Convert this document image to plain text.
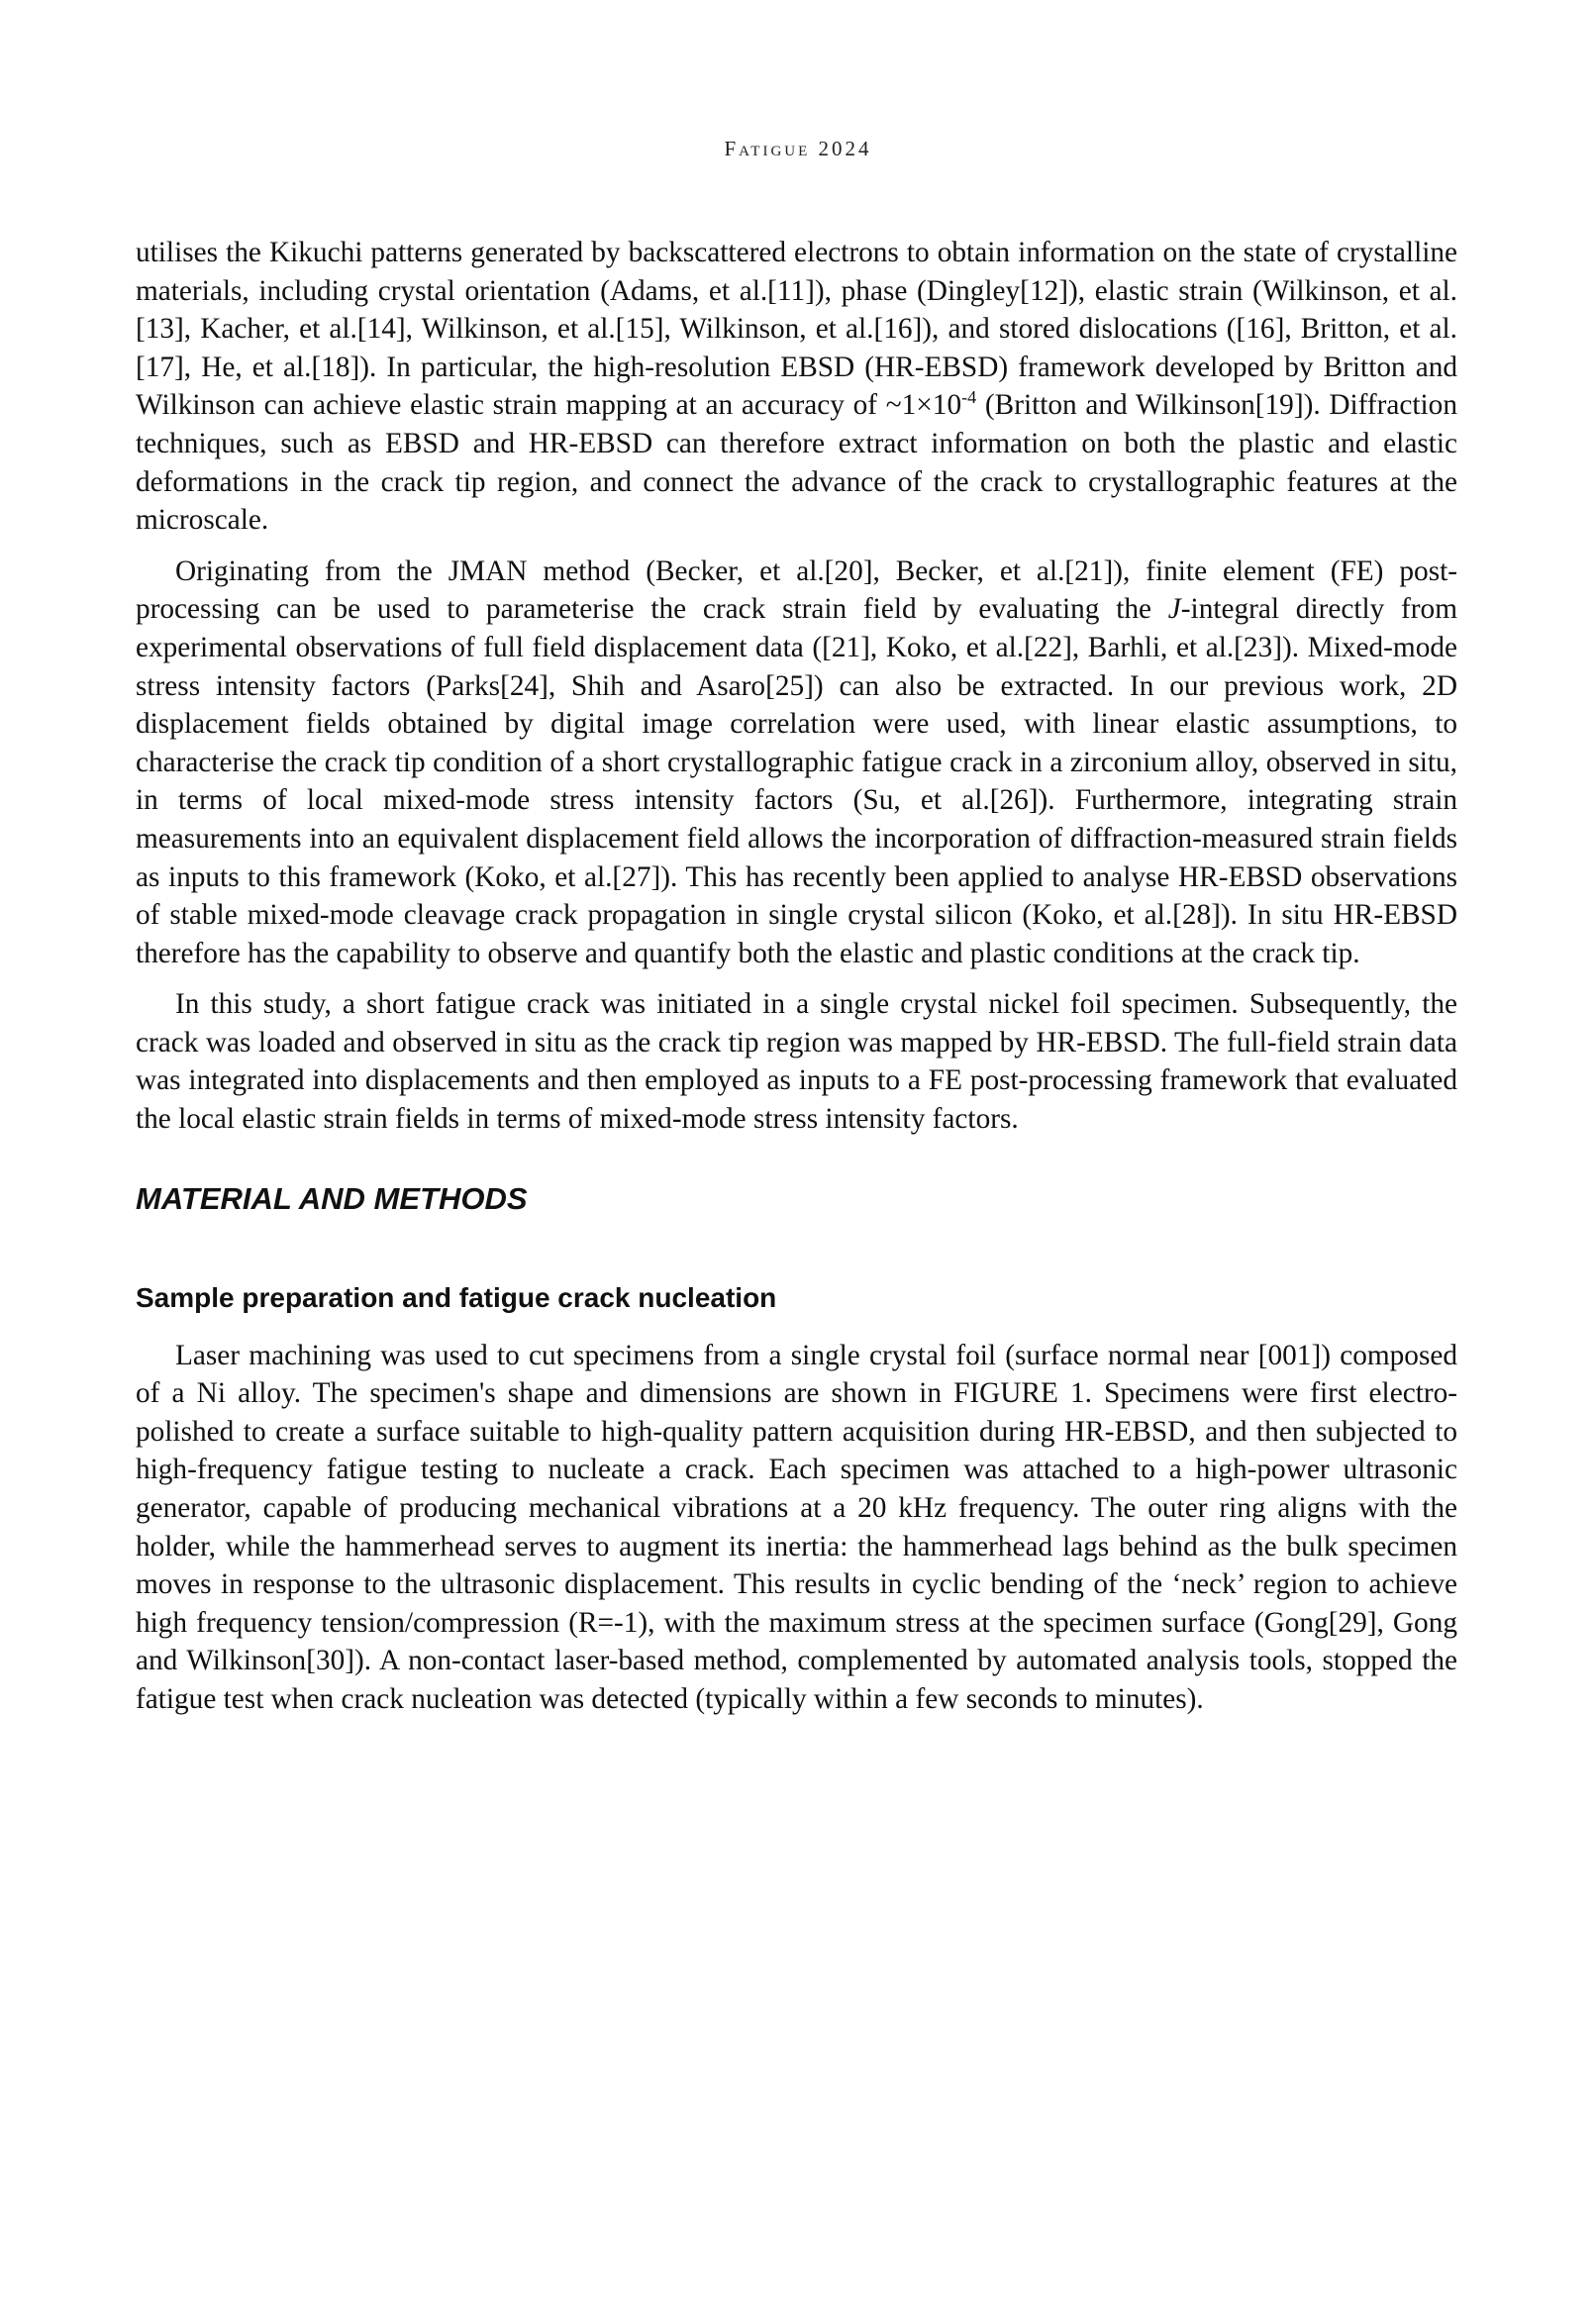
Fatigue 2024

utilises the Kikuchi patterns generated by backscattered electrons to obtain information on the state of crystalline materials, including crystal orientation (Adams, et al.[11]), phase (Dingley[12]), elastic strain (Wilkinson, et al.[13], Kacher, et al.[14], Wilkinson, et al.[15], Wilkinson, et al.[16]), and stored dislocations ([16], Britton, et al.[17], He, et al.[18]). In particular, the high-resolution EBSD (HR-EBSD) framework developed by Britton and Wilkinson can achieve elastic strain mapping at an accuracy of $\sim 1\times 10^{-4}$ (Britton and Wilkinson[19]). Diffraction techniques, such as EBSD and HR-EBSD can therefore extract information on both the plastic and elastic deformations in the crack tip region, and connect the advance of the crack to crystallographic features at the microscale.

Originating from the JMAN method (Becker, et al.[20], Becker, et al.[21]), finite element (FE) post-processing can be used to parameterise the crack strain field by evaluating the J-integral directly from experimental observations of full field displacement data ([21], Koko, et al.[22], Barhli, et al.[23]). Mixed-mode stress intensity factors (Parks[24], Shih and Asaro[25]) can also be extracted. In our previous work, 2D displacement fields obtained by digital image correlation were used, with linear elastic assumptions, to characterise the crack tip condition of a short crystallographic fatigue crack in a zirconium alloy, observed in situ, in terms of local mixed-mode stress intensity factors (Su, et al.[26]). Furthermore, integrating strain measurements into an equivalent displacement field allows the incorporation of diffraction-measured strain fields as inputs to this framework (Koko, et al.[27]). This has recently been applied to analyse HR-EBSD observations of stable mixed-mode cleavage crack propagation in single crystal silicon (Koko, et al.[28]). In situ HR-EBSD therefore has the capability to observe and quantify both the elastic and plastic conditions at the crack tip.

In this study, a short fatigue crack was initiated in a single crystal nickel foil specimen. Subsequently, the crack was loaded and observed in situ as the crack tip region was mapped by HR-EBSD. The full-field strain data was integrated into displacements and then employed as inputs to a FE post-processing framework that evaluated the local elastic strain fields in terms of mixed-mode stress intensity factors.

MATERIAL AND METHODS
Sample preparation and fatigue crack nucleation

Laser machining was used to cut specimens from a single crystal foil (surface normal near [001]) composed of a Ni alloy. The specimen's shape and dimensions are shown in FIGURE 1. Specimens were first electro-polished to create a surface suitable to high-quality pattern acquisition during HR-EBSD, and then subjected to high-frequency fatigue testing to nucleate a crack. Each specimen was attached to a high-power ultrasonic generator, capable of producing mechanical vibrations at a 20 kHz frequency. The outer ring aligns with the holder, while the hammerhead serves to augment its inertia: the hammerhead lags behind as the bulk specimen moves in response to the ultrasonic displacement. This results in cyclic bending of the ‘neck’ region to achieve high frequency tension/compression (R=-1), with the maximum stress at the specimen surface (Gong[29], Gong and Wilkinson[30]). A non-contact laser-based method, complemented by automated analysis tools, stopped the fatigue test when crack nucleation was detected (typically within a few seconds to minutes).
